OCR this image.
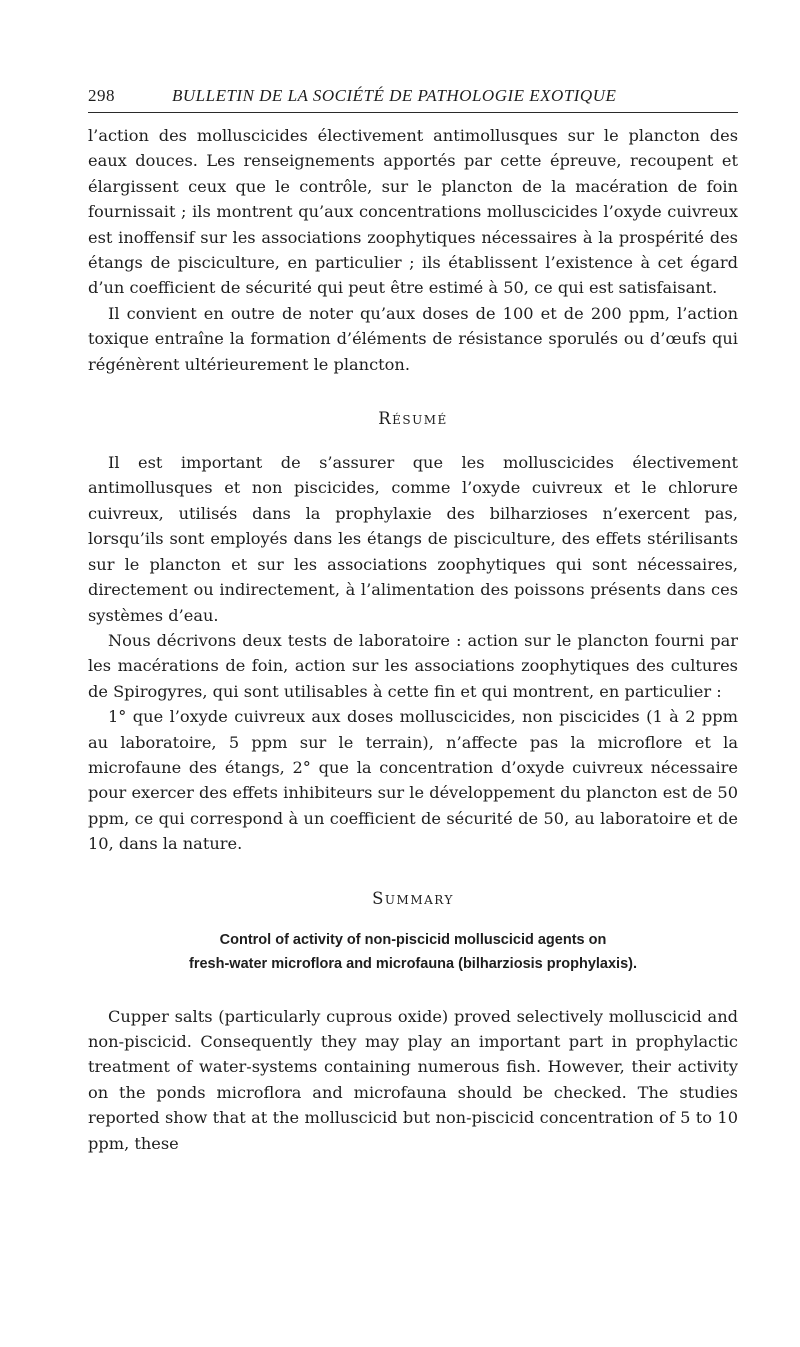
298	BULLETIN DE LA SOCIÉTÉ DE PATHOLOGIE EXOTIQUE

l’action des molluscicides électivement antimollusques sur le plancton des eaux douces. Les renseignements apportés par cette épreuve, recoupent et élargissent ceux que le contrôle, sur le plancton de la macération de foin fournissait ; ils montrent qu’aux concentrations molluscicides l’oxyde cuivreux est inoffensif sur les associations zoophytiques nécessaires à la prospérité des étangs de pisciculture, en particulier ; ils établissent l’existence à cet égard d’un coefficient de sécurité qui peut être estimé à 50, ce qui est satisfaisant.

Il convient en outre de noter qu’aux doses de 100 et de 200 ppm, l’action toxique entraîne la formation d’éléments de résistance sporulés ou d’œufs qui régénèrent ultérieurement le plancton.

Résumé

Il est important de s’assurer que les molluscicides électivement antimollusques et non piscicides, comme l’oxyde cuivreux et le chlorure cuivreux, utilisés dans la prophylaxie des bilharzioses n’exercent pas, lorsqu’ils sont employés dans les étangs de pisciculture, des effets stérilisants sur le plancton et sur les associations zoophytiques qui sont nécessaires, directement ou indirectement, à l’alimentation des poissons présents dans ces systèmes d’eau.

Nous décrivons deux tests de laboratoire : action sur le plancton fourni par les macérations de foin, action sur les associations zoophytiques des cultures de Spirogyres, qui sont utilisables à cette fin et qui montrent, en particulier :

1° que l’oxyde cuivreux aux doses molluscicides, non piscicides (1 à 2 ppm au laboratoire, 5 ppm sur le terrain), n’affecte pas la microflore et la microfaune des étangs, 2° que la concentration d’oxyde cuivreux nécessaire pour exercer des effets inhibiteurs sur le développement du plancton est de 50 ppm, ce qui correspond à un coefficient de sécurité de 50, au laboratoire et de 10, dans la nature.

Summary
Control of activity of non-piscicid molluscicid agents on
fresh-water microflora and microfauna (bilharziosis prophylaxis).

Cupper salts (particularly cuprous oxide) proved selectively molluscicid and non-piscicid. Consequently they may play an important part in prophylactic treatment of water-systems containing numerous fish. However, their activity on the ponds microflora and microfauna should be checked. The studies reported show that at the molluscicid but non-piscicid concentration of 5 to 10 ppm, these
